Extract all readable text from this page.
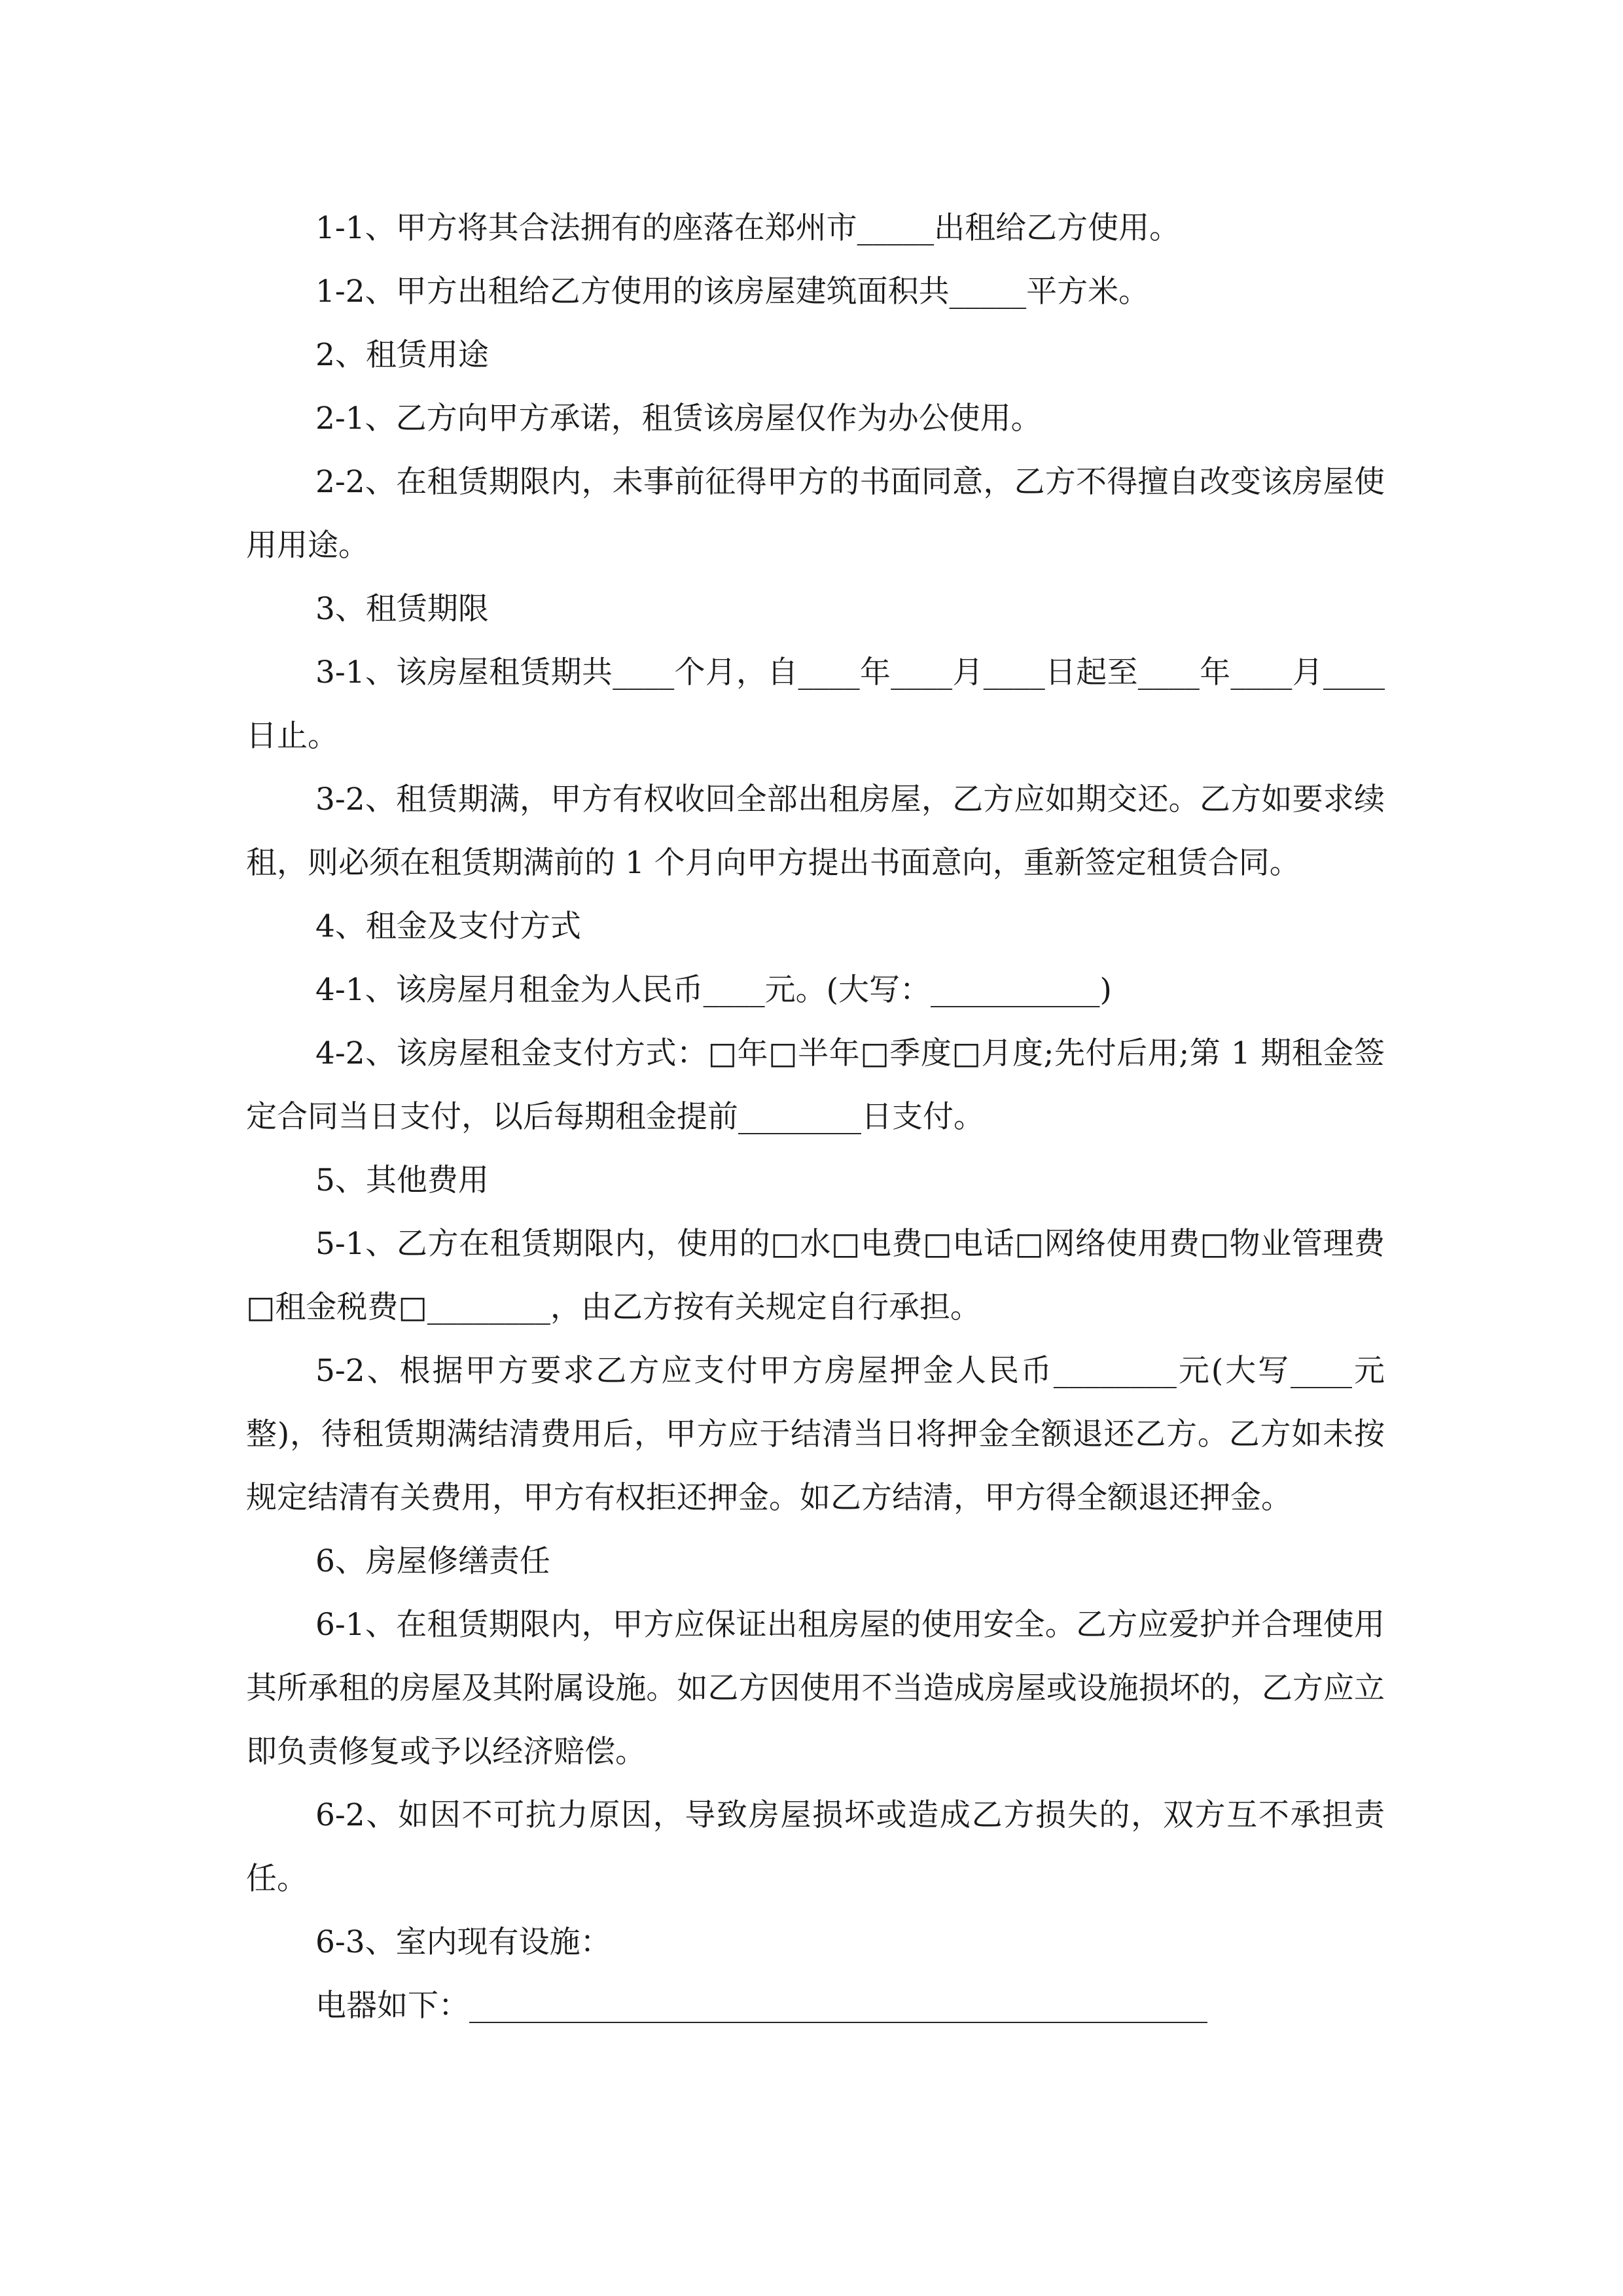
1-1、甲方将其合法拥有的座落在郑州市_____出租给乙方使用。

1-2、甲方出租给乙方使用的该房屋建筑面积共_____平方米。

2、租赁用途

2-1、乙方向甲方承诺，租赁该房屋仅作为办公使用。

2-2、在租赁期限内，未事前征得甲方的书面同意，乙方不得擅自改变该房屋使用用途。

3、租赁期限

3-1、该房屋租赁期共____个月，自____年____月____日起至____年____月____日止。

3-2、租赁期满，甲方有权收回全部出租房屋，乙方应如期交还。乙方如要求续租，则必须在租赁期满前的 1 个月向甲方提出书面意向，重新签定租赁合同。

4、租金及支付方式

4-1、该房屋月租金为人民币____元。(大写：___________)

4-2、该房屋租金支付方式：□年□半年□季度□月度;先付后用;第 1 期租金签定合同当日支付，以后每期租金提前________日支付。

5、其他费用

5-1、乙方在租赁期限内，使用的□水□电费□电话□网络使用费□物业管理费□租金税费□________，由乙方按有关规定自行承担。

5-2、根据甲方要求乙方应支付甲方房屋押金人民币________元(大写____元整)，待租赁期满结清费用后，甲方应于结清当日将押金全额退还乙方。乙方如未按规定结清有关费用，甲方有权拒还押金。如乙方结清，甲方得全额退还押金。

6、房屋修缮责任

6-1、在租赁期限内，甲方应保证出租房屋的使用安全。乙方应爱护并合理使用其所承租的房屋及其附属设施。如乙方因使用不当造成房屋或设施损坏的，乙方应立即负责修复或予以经济赔偿。

6-2、如因不可抗力原因，导致房屋损坏或造成乙方损失的，双方互不承担责任。

6-3、室内现有设施：

电器如下：________________________________________________
